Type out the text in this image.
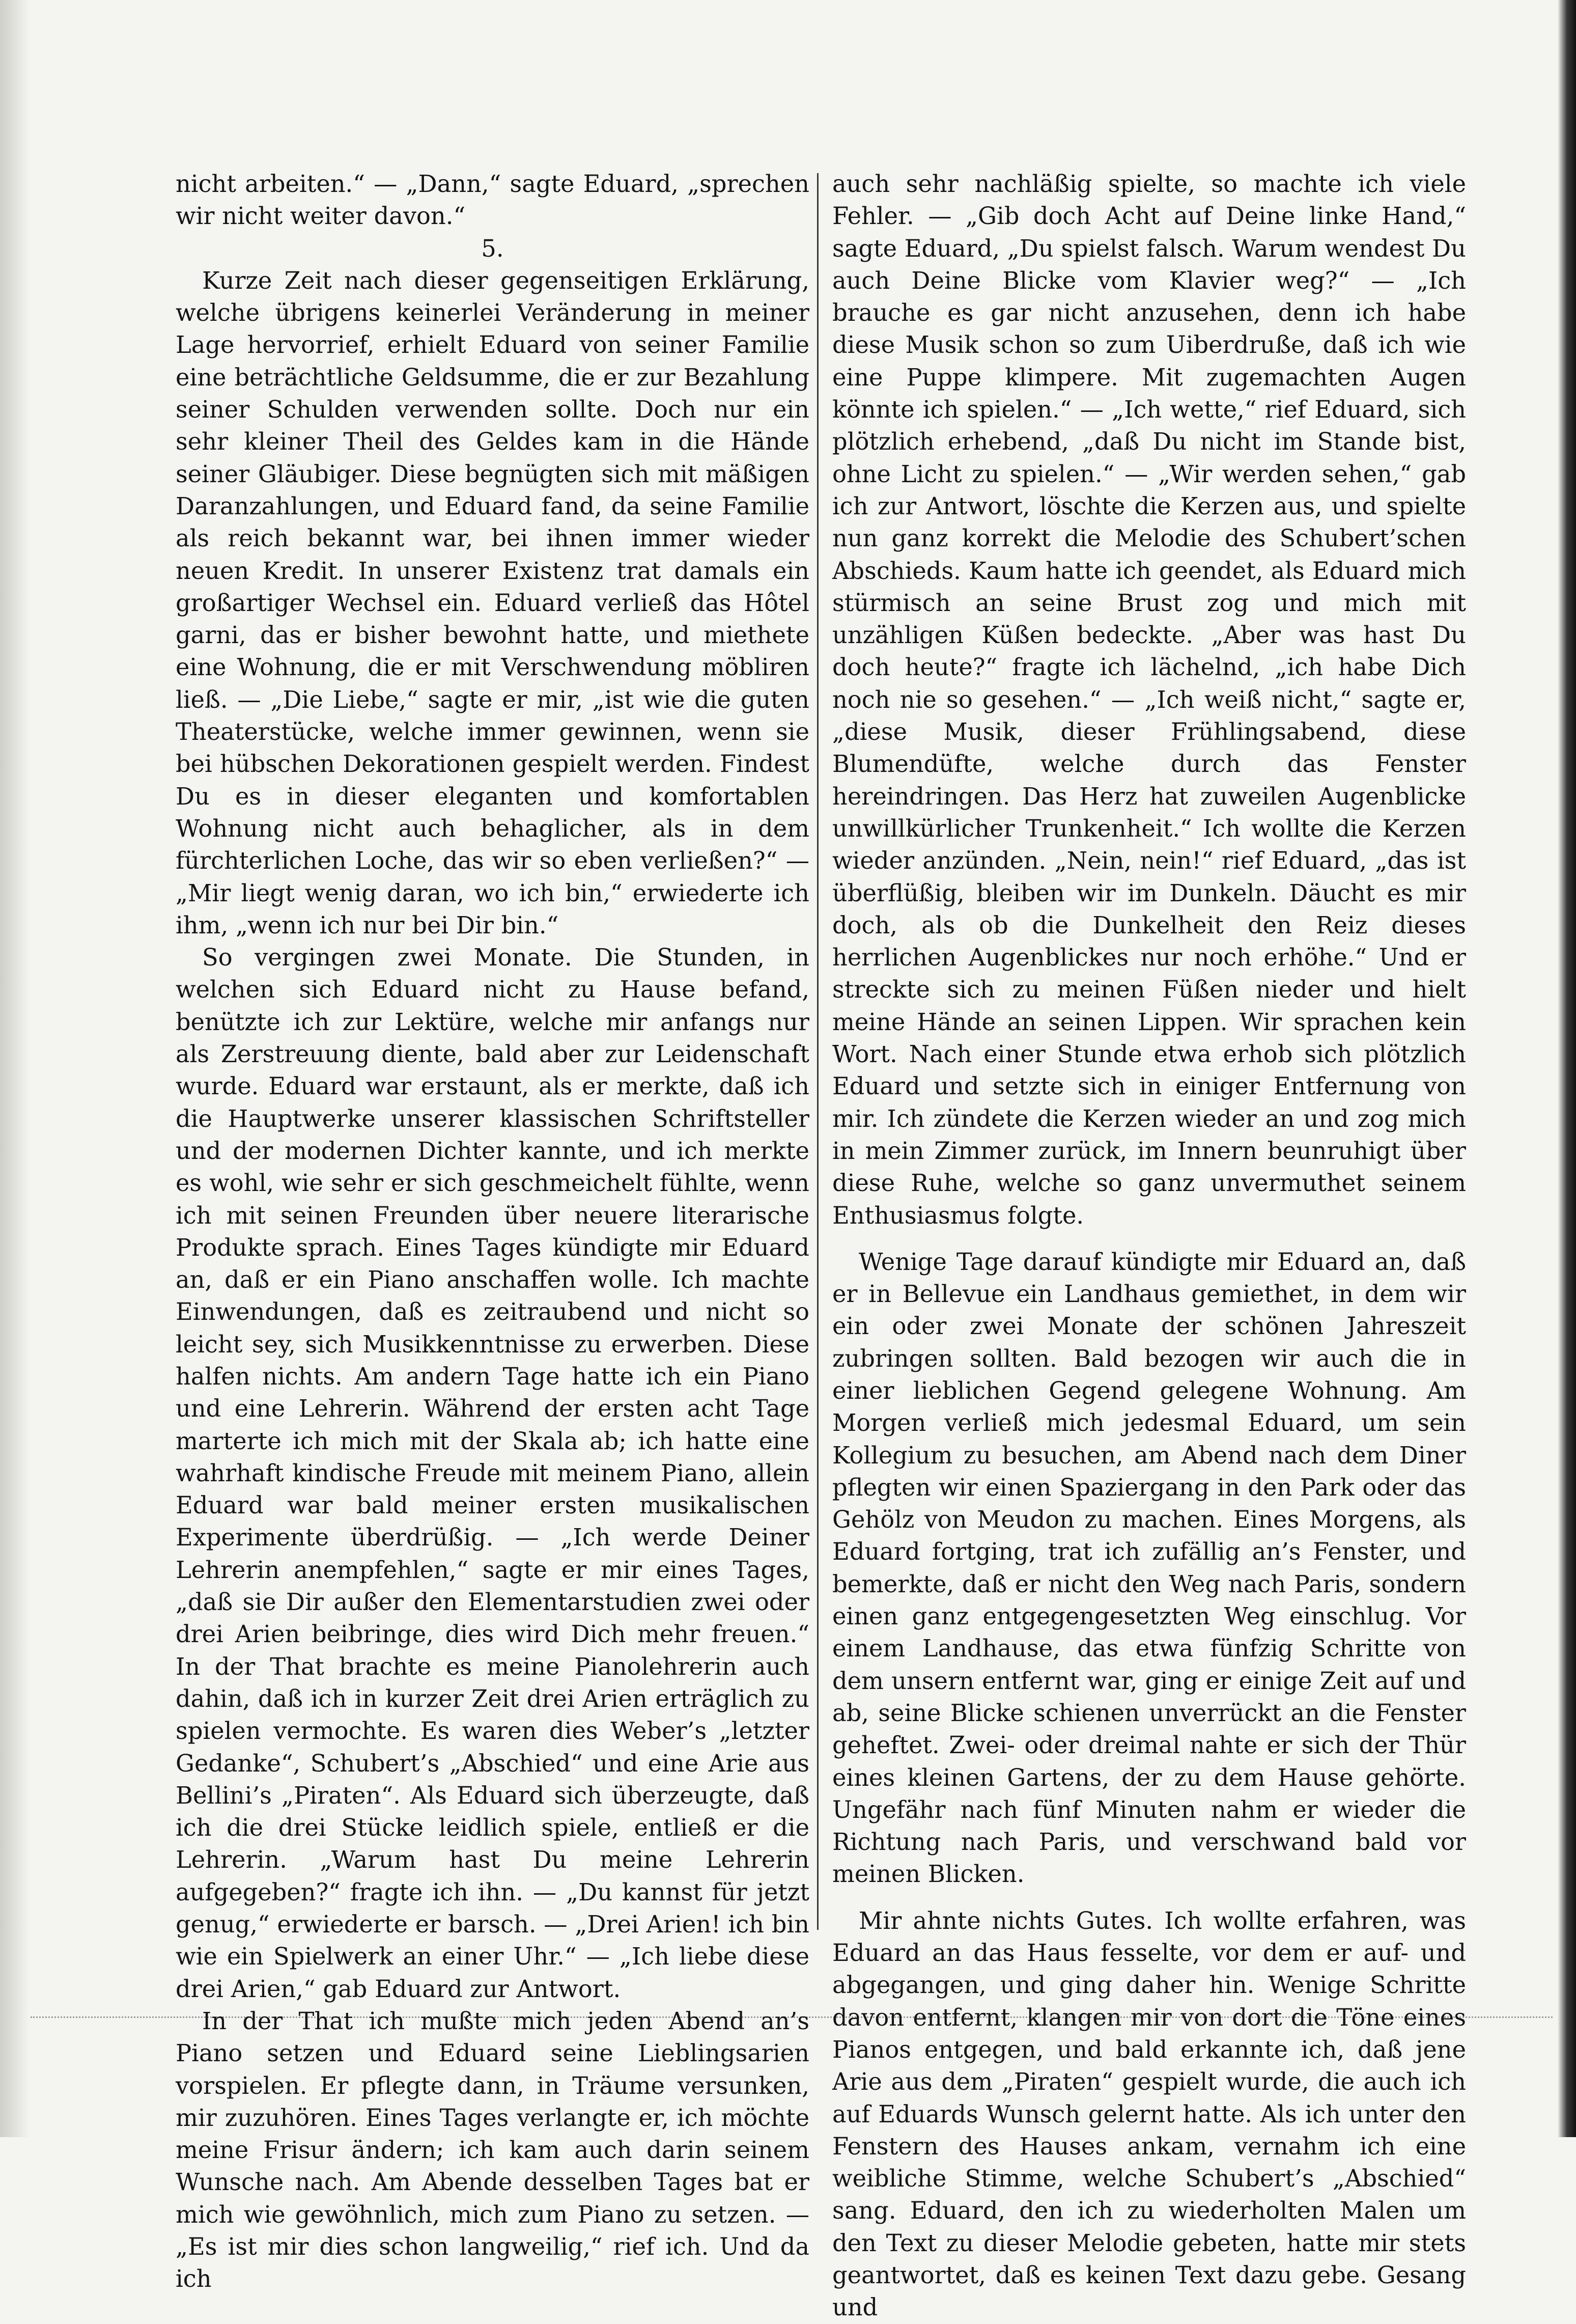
nicht arbeiten.“ — „Dann,“ sagte Eduard, „sprechen wir nicht weiter davon.“

5.

Kurze Zeit nach dieser gegenseitigen Erklärung, welche übrigens keinerlei Veränderung in meiner Lage hervorrief, erhielt Eduard von seiner Familie eine beträchtliche Geldsumme, die er zur Bezahlung seiner Schulden verwenden sollte. Doch nur ein sehr kleiner Theil des Geldes kam in die Hände seiner Gläubiger. Diese begnügten sich mit mäßigen Daranzahlungen, und Eduard fand, da seine Familie als reich bekannt war, bei ihnen immer wieder neuen Kredit. In unserer Existenz trat damals ein großartiger Wechsel ein. Eduard verließ das Hôtel garni, das er bisher bewohnt hatte, und miethete eine Wohnung, die er mit Verschwendung möbliren ließ. — „Die Liebe,“ sagte er mir, „ist wie die guten Theaterstücke, welche immer gewinnen, wenn sie bei hübschen Dekorationen gespielt werden. Findest Du es in dieser eleganten und komfortablen Wohnung nicht auch behaglicher, als in dem fürchterlichen Loche, das wir so eben verließen?“ — „Mir liegt wenig daran, wo ich bin,“ erwiederte ich ihm, „wenn ich nur bei Dir bin.“

So vergingen zwei Monate. Die Stunden, in welchen sich Eduard nicht zu Hause befand, benützte ich zur Lektüre, welche mir anfangs nur als Zerstreuung diente, bald aber zur Leidenschaft wurde. Eduard war erstaunt, als er merkte, daß ich die Hauptwerke unserer klassischen Schriftsteller und der modernen Dichter kannte, und ich merkte es wohl, wie sehr er sich geschmeichelt fühlte, wenn ich mit seinen Freunden über neuere literarische Produkte sprach. Eines Tages kündigte mir Eduard an, daß er ein Piano anschaffen wolle. Ich machte Einwendungen, daß es zeitraubend und nicht so leicht sey, sich Musikkenntnisse zu erwerben. Diese halfen nichts. Am andern Tage hatte ich ein Piano und eine Lehrerin. Während der ersten acht Tage marterte ich mich mit der Skala ab; ich hatte eine wahrhaft kindische Freude mit meinem Piano, allein Eduard war bald meiner ersten musikalischen Experimente überdrüßig. — „Ich werde Deiner Lehrerin anempfehlen,“ sagte er mir eines Tages, „daß sie Dir außer den Elementarstudien zwei oder drei Arien beibringe, dies wird Dich mehr freuen.“ In der That brachte es meine Pianolehrerin auch dahin, daß ich in kurzer Zeit drei Arien erträglich zu spielen vermochte. Es waren dies Weber’s „letzter Gedanke“, Schubert’s „Abschied“ und eine Arie aus Bellini’s „Piraten“. Als Eduard sich überzeugte, daß ich die drei Stücke leidlich spiele, entließ er die Lehrerin. „Warum hast Du meine Lehrerin aufgegeben?“ fragte ich ihn. — „Du kannst für jetzt genug,“ erwiederte er barsch. — „Drei Arien! ich bin wie ein Spielwerk an einer Uhr.“ — „Ich liebe diese drei Arien,“ gab Eduard zur Antwort.

In der That ich mußte mich jeden Abend an’s Piano setzen und Eduard seine Lieblingsarien vorspielen. Er pflegte dann, in Träume versunken, mir zuzuhören. Eines Tages verlangte er, ich möchte meine Frisur ändern; ich kam auch darin seinem Wunsche nach. Am Abende desselben Tages bat er mich wie gewöhnlich, mich zum Piano zu setzen. — „Es ist mir dies schon langweilig,“ rief ich. Und da ich

auch sehr nachläßig spielte, so machte ich viele Fehler. — „Gib doch Acht auf Deine linke Hand,“ sagte Eduard, „Du spielst falsch. Warum wendest Du auch Deine Blicke vom Klavier weg?“ — „Ich brauche es gar nicht anzusehen, denn ich habe diese Musik schon so zum Uiberdruße, daß ich wie eine Puppe klimpere. Mit zugemachten Augen könnte ich spielen.“ — „Ich wette,“ rief Eduard, sich plötzlich erhebend, „daß Du nicht im Stande bist, ohne Licht zu spielen.“ — „Wir werden sehen,“ gab ich zur Antwort, löschte die Kerzen aus, und spielte nun ganz korrekt die Melodie des Schubert’schen Abschieds. Kaum hatte ich geendet, als Eduard mich stürmisch an seine Brust zog und mich mit unzähligen Küßen bedeckte. „Aber was hast Du doch heute?“ fragte ich lächelnd, „ich habe Dich noch nie so gesehen.“ — „Ich weiß nicht,“ sagte er, „diese Musik, dieser Frühlingsabend, diese Blumendüfte, welche durch das Fenster hereindringen. Das Herz hat zuweilen Augenblicke unwillkürlicher Trunkenheit.“ Ich wollte die Kerzen wieder anzünden. „Nein, nein!“ rief Eduard, „das ist überflüßig, bleiben wir im Dunkeln. Däucht es mir doch, als ob die Dunkelheit den Reiz dieses herrlichen Augenblickes nur noch erhöhe.“ Und er streckte sich zu meinen Füßen nieder und hielt meine Hände an seinen Lippen. Wir sprachen kein Wort. Nach einer Stunde etwa erhob sich plötzlich Eduard und setzte sich in einiger Entfernung von mir. Ich zündete die Kerzen wieder an und zog mich in mein Zimmer zurück, im Innern beunruhigt über diese Ruhe, welche so ganz unvermuthet seinem Enthusiasmus folgte.

Wenige Tage darauf kündigte mir Eduard an, daß er in Bellevue ein Landhaus gemiethet, in dem wir ein oder zwei Monate der schönen Jahreszeit zubringen sollten. Bald bezogen wir auch die in einer lieblichen Gegend gelegene Wohnung. Am Morgen verließ mich jedesmal Eduard, um sein Kollegium zu besuchen, am Abend nach dem Diner pflegten wir einen Spaziergang in den Park oder das Gehölz von Meudon zu machen. Eines Morgens, als Eduard fortging, trat ich zufällig an’s Fenster, und bemerkte, daß er nicht den Weg nach Paris, sondern einen ganz entgegengesetzten Weg einschlug. Vor einem Landhause, das etwa fünfzig Schritte von dem unsern entfernt war, ging er einige Zeit auf und ab, seine Blicke schienen unverrückt an die Fenster geheftet. Zwei- oder dreimal nahte er sich der Thür eines kleinen Gartens, der zu dem Hause gehörte. Ungefähr nach fünf Minuten nahm er wieder die Richtung nach Paris, und verschwand bald vor meinen Blicken.

Mir ahnte nichts Gutes. Ich wollte erfahren, was Eduard an das Haus fesselte, vor dem er auf- und abgegangen, und ging daher hin. Wenige Schritte davon entfernt, klangen mir von dort die Töne eines Pianos entgegen, und bald erkannte ich, daß jene Arie aus dem „Piraten“ gespielt wurde, die auch ich auf Eduards Wunsch gelernt hatte. Als ich unter den Fenstern des Hauses ankam, vernahm ich eine weibliche Stimme, welche Schubert’s „Abschied“ sang. Eduard, den ich zu wiederholten Malen um den Text zu dieser Melodie gebeten, hatte mir stets geantwortet, daß es keinen Text dazu gebe. Gesang und
